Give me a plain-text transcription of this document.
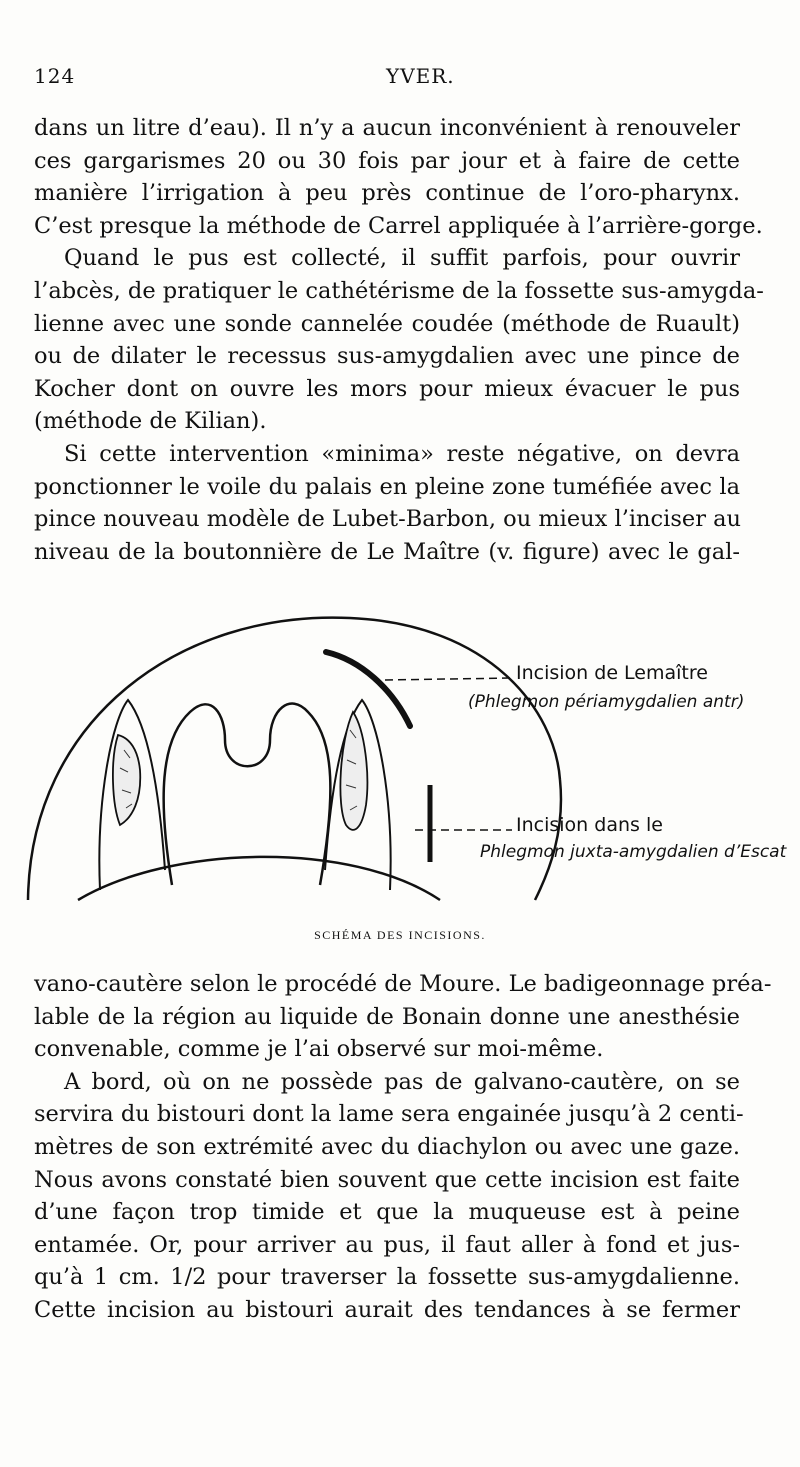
124	YVER.
dans un litre d’eau). Il n’y a aucun inconvénient à renouveler
ces gargarismes 20 ou 30 fois par jour et à faire de cette
manière l’irrigation à peu près continue de l’oro-pharynx.
C’est presque la méthode de Carrel appliquée à l’arrière-gorge.
Quand le pus est collecté, il suffit parfois, pour ouvrir
l’abcès, de pratiquer le cathétérisme de la fossette sus-amygda-
lienne avec une sonde cannelée coudée (méthode de Ruault)
ou de dilater le recessus sus-amygdalien avec une pince de
Kocher dont on ouvre les mors pour mieux évacuer le pus
(méthode de Kilian).
Si cette intervention «minima» reste négative, on devra
ponctionner le voile du palais en pleine zone tuméfiée avec la
pince nouveau modèle de Lubet-Barbon, ou mieux l’inciser au
niveau de la boutonnière de Le Maître (v. figure) avec le gal-
Incision de Lemaître
(Phlegmon périamygdalien antr)
Incision dans le
Phlegmon juxta-amygdalien d’Escat
SCHÉMA DES INCISIONS.
vano-cautère selon le procédé de Moure. Le badigeonnage préa-
lable de la région au liquide de Bonain donne une anesthésie
convenable, comme je l’ai observé sur moi-même.
A bord, où on ne possède pas de galvano-cautère, on se
servira du bistouri dont la lame sera engainée jusqu’à 2 centi-
mètres de son extrémité avec du diachylon ou avec une gaze.
Nous avons constaté bien souvent que cette incision est faite
d’une façon trop timide et que la muqueuse est à peine
entamée. Or, pour arriver au pus, il faut aller à fond et jus-
qu’à 1 cm. 1/2 pour traverser la fossette sus-amygdalienne.
Cette incision au bistouri aurait des tendances à se fermer
